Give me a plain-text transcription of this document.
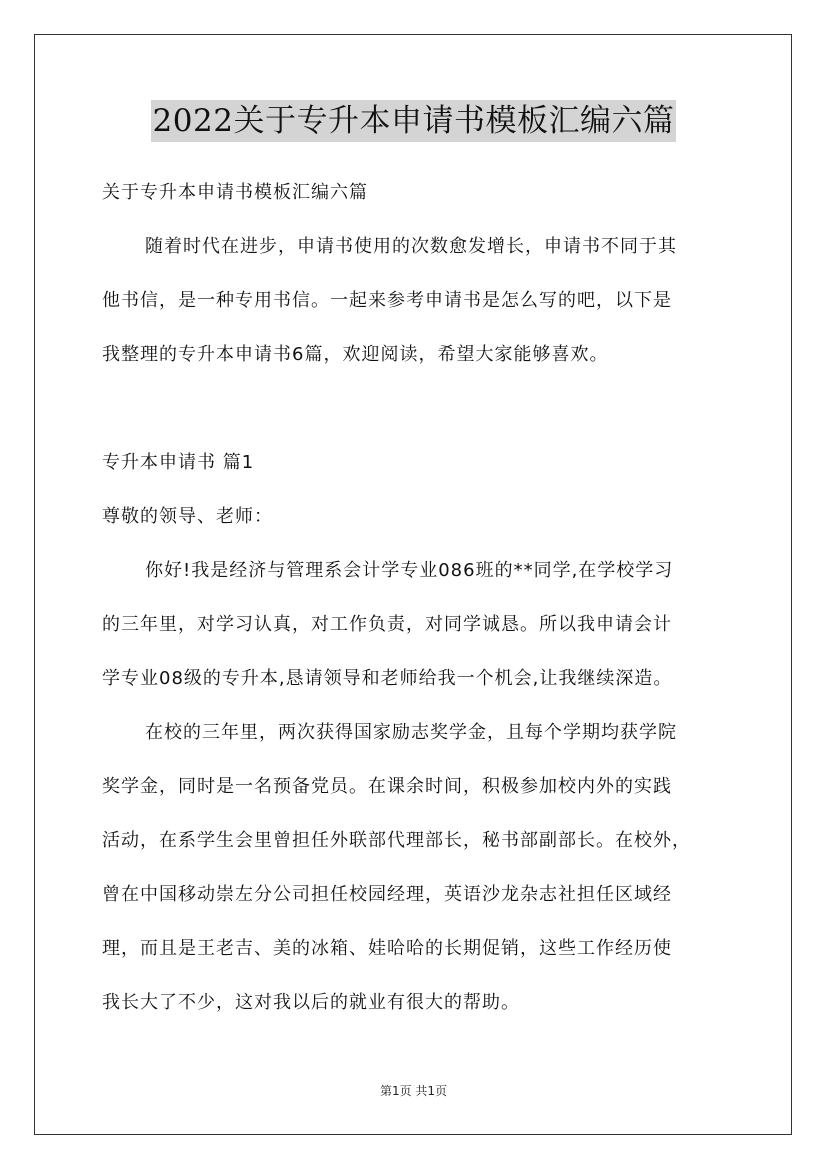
2022关于专升本申请书模板汇编六篇
关于专升本申请书模板汇编六篇
随着时代在进步，申请书使用的次数愈发增长，申请书不同于其
他书信，是一种专用书信。一起来参考申请书是怎么写的吧，以下是
我整理的专升本申请书6篇，欢迎阅读，希望大家能够喜欢。
专升本申请书 篇1
尊敬的领导、老师：
你好!我是经济与管理系会计学专业086班的**同学,在学校学习
的三年里，对学习认真，对工作负责，对同学诚恳。所以我申请会计
学专业08级的专升本,恳请领导和老师给我一个机会,让我继续深造。
在校的三年里，两次获得国家励志奖学金，且每个学期均获学院
奖学金，同时是一名预备党员。在课余时间，积极参加校内外的实践
活动，在系学生会里曾担任外联部代理部长，秘书部副部长。在校外，
曾在中国移动崇左分公司担任校园经理，英语沙龙杂志社担任区域经
理，而且是王老吉、美的冰箱、娃哈哈的长期促销，这些工作经历使
我长大了不少，这对我以后的就业有很大的帮助。
第1页 共1页
